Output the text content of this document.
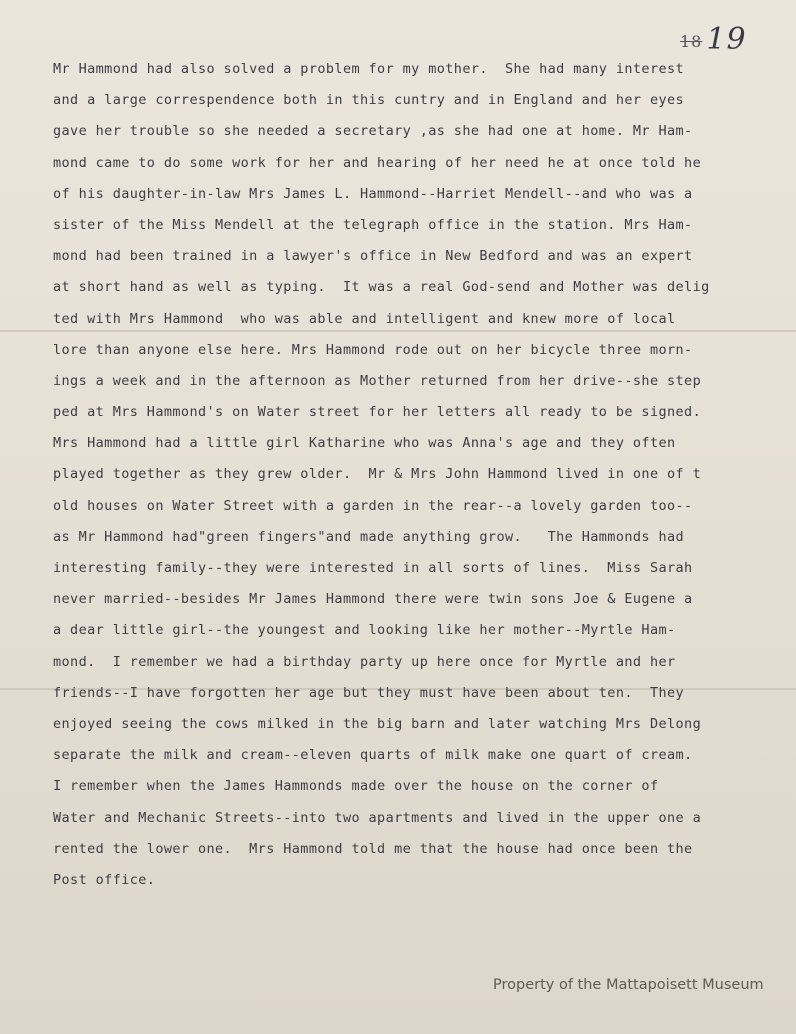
18 19
Mr Hammond had also solved a problem for my mother.  She had many interest
and a large correspendence both in this cuntry and in England and her eyes
gave her trouble so she needed a secretary ,as she had one at home. Mr Ham-
mond came to do some work for her and hearing of her need he at once told he
of his daughter-in-law Mrs James L. Hammond--Harriet Mendell--and who was a
sister of the Miss Mendell at the telegraph office in the station. Mrs Ham-
mond had been trained in a lawyer's office in New Bedford and was an expert
at short hand as well as typing.  It was a real God-send and Mother was delig
ted with Mrs Hammond  who was able and intelligent and knew more of local
lore than anyone else here. Mrs Hammond rode out on her bicycle three morn-
ings a week and in the afternoon as Mother returned from her drive--she step
ped at Mrs Hammond's on Water street for her letters all ready to be signed.
Mrs Hammond had a little girl Katharine who was Anna's age and they often
played together as they grew older.  Mr & Mrs John Hammond lived in one of t
old houses on Water Street with a garden in the rear--a lovely garden too--
as Mr Hammond had"green fingers"and made anything grow.   The Hammonds had
interesting family--they were interested in all sorts of lines.  Miss Sarah
never married--besides Mr James Hammond there were twin sons Joe & Eugene a
a dear little girl--the youngest and looking like her mother--Myrtle Ham-
mond.  I remember we had a birthday party up here once for Myrtle and her
friends--I have forgotten her age but they must have been about ten.  They
enjoyed seeing the cows milked in the big barn and later watching Mrs Delong
separate the milk and cream--eleven quarts of milk make one quart of cream.
I remember when the James Hammonds made over the house on the corner of
Water and Mechanic Streets--into two apartments and lived in the upper one a
rented the lower one.  Mrs Hammond told me that the house had once been the
Post office.
Property of the Mattapoisett Museum
